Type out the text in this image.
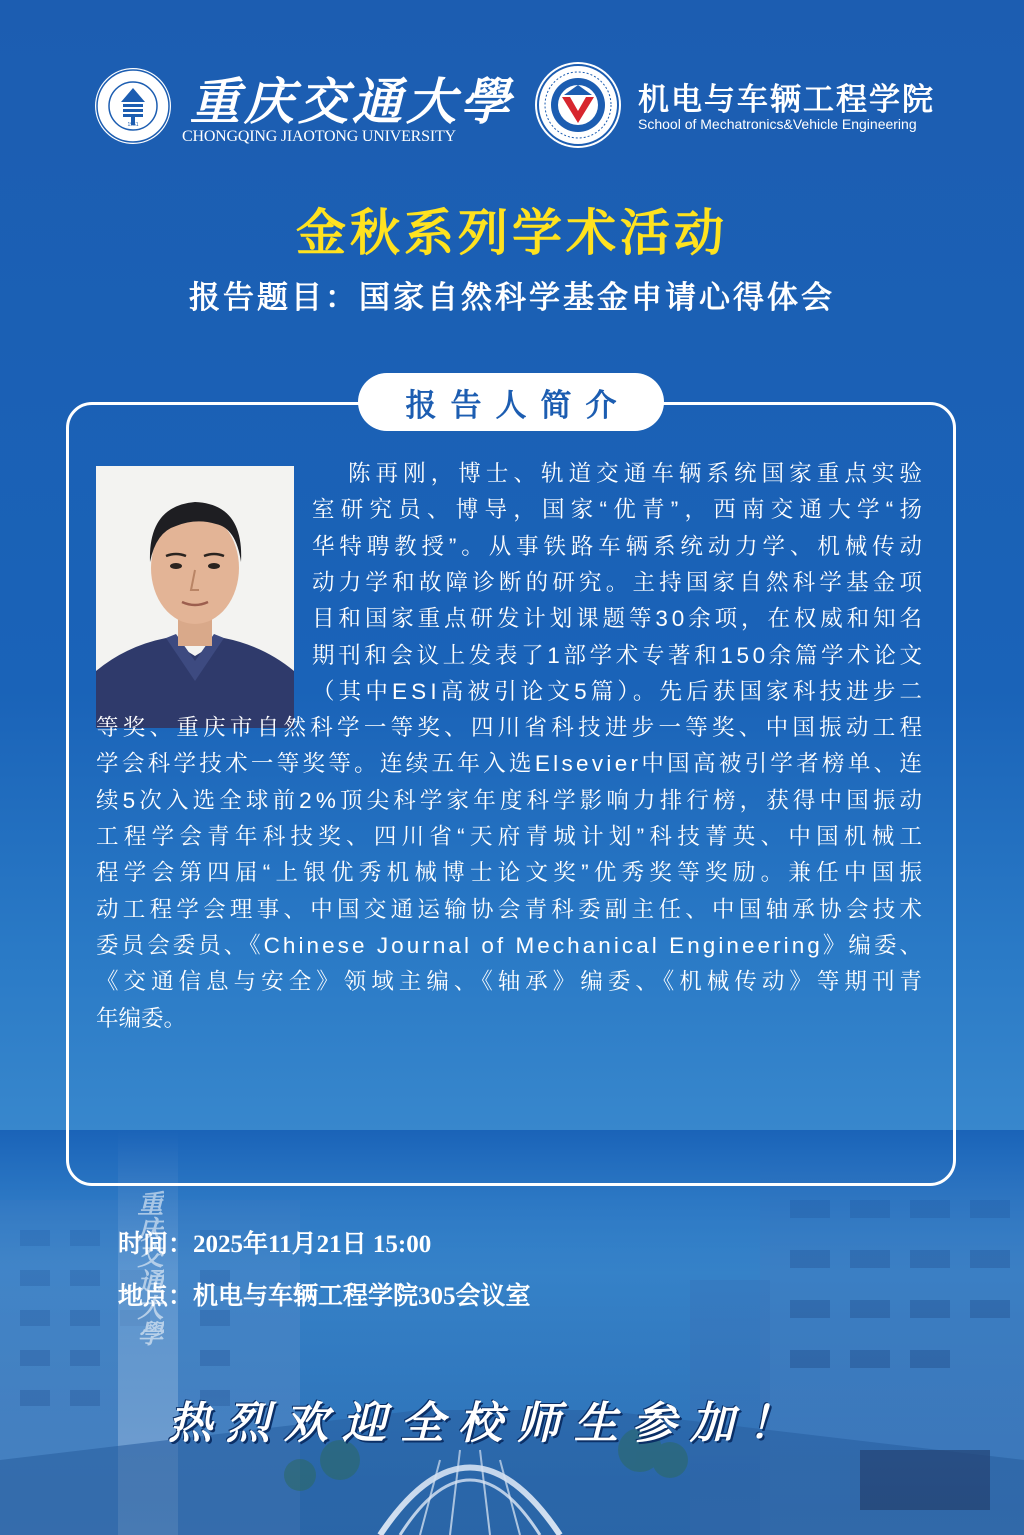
重庆交通大學
1951 重庆交通大學
CHONGQING JIAOTONG UNIVERSITY
机电与车辆工程学院
School of Mechatronics&Vehicle Engineering
金秋系列学术活动
报告题目：国家自然科学基金申请心得体会
报告人简介
陈再刚，博士、轨道交通车辆系统国家重点实验
室研究员、博导，国家“优青”，西南交通大学“扬
华特聘教授”。从事铁路车辆系统动力学、机械传动
动力学和故障诊断的研究。主持国家自然科学基金项
目和国家重点研发计划课题等30余项，在权威和知名
期刊和会议上发表了1部学术专著和150余篇学术论文
（其中ESI高被引论文5篇）。先后获国家科技进步二
等奖、重庆市自然科学一等奖、四川省科技进步一等奖、中国振动工程
学会科学技术一等奖等。连续五年入选Elsevier中国高被引学者榜单、连
续5次入选全球前2%顶尖科学家年度科学影响力排行榜，获得中国振动
工程学会青年科技奖、四川省“天府青城计划”科技菁英、中国机械工
程学会第四届“上银优秀机械博士论文奖”优秀奖等奖励。兼任中国振
动工程学会理事、中国交通运输协会青科委副主任、中国轴承协会技术
委员会委员、《Chinese Journal of Mechanical Engineering》编委、
《交通信息与安全》领域主编、《轴承》编委、《机械传动》等期刊青
年编委。
时间：2025年11月21日 15:00
地点：机电与车辆工程学院305会议室
热烈欢迎全校师生参加！
